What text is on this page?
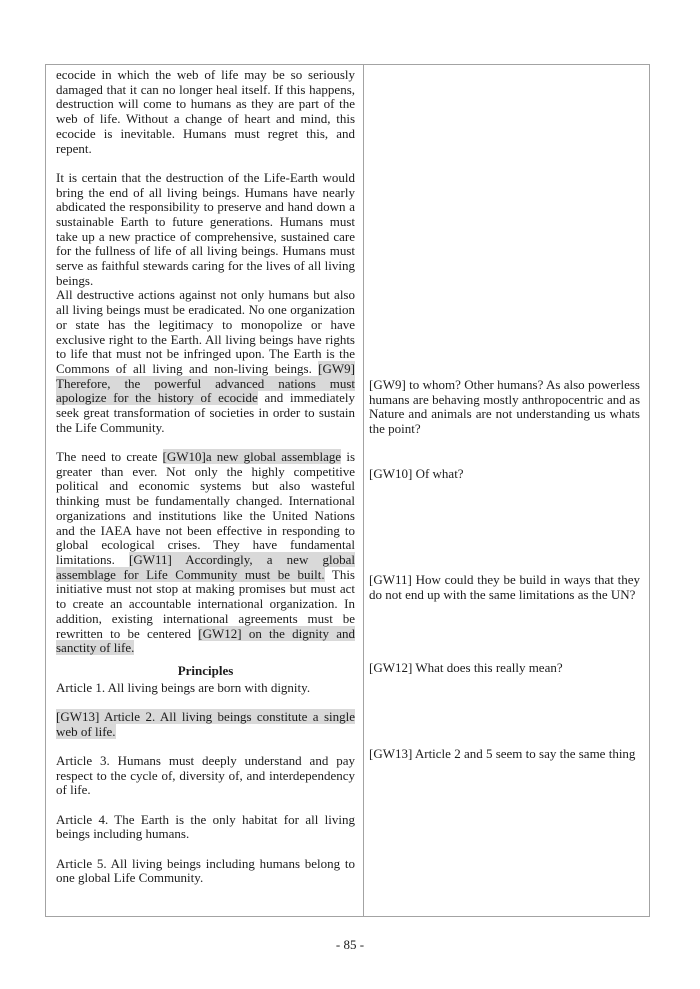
ecocide in which the web of life may be so seriously damaged that it can no longer heal itself. If this happens, destruction will come to humans as they are part of the web of life. Without a change of heart and mind, this ecocide is inevitable. Humans must regret this, and repent.

It is certain that the destruction of the Life-Earth would bring the end of all living beings. Humans have nearly abdicated the responsibility to preserve and hand down a sustainable Earth to future generations. Humans must take up a new practice of comprehensive, sustained care for the fullness of life of all living beings. Humans must serve as faithful stewards caring for the lives of all living beings.

All destructive actions against not only humans but also all living beings must be eradicated. No one organization or state has the legitimacy to monopolize or have exclusive right to the Earth. All living beings have rights to life that must not be infringed upon. The Earth is the Commons of all living and non-living beings. [GW9] Therefore, the powerful advanced nations must apologize for the history of ecocide and immediately seek great transformation of societies in order to sustain the Life Community.

The need to create [GW10]a new global assemblage is greater than ever. Not only the highly competitive political and economic systems but also wasteful thinking must be fundamentally changed. International organizations and institutions like the United Nations and the IAEA have not been effective in responding to global ecological crises. They have fundamental limitations. [GW11] Accordingly, a new global assemblage for Life Community must be built. This initiative must not stop at making promises but must act to create an accountable international organization. In addition, existing international agreements must be rewritten to be centered [GW12] on the dignity and sanctity of life.

Principles

Article 1. All living beings are born with dignity.

[GW13] Article 2. All living beings constitute a single web of life.

Article 3. Humans must deeply understand and pay respect to the cycle of, diversity of, and interdependency of life.

Article 4. The Earth is the only habitat for all living beings including humans.

Article 5. All living beings including humans belong to one global Life Community.

[GW9] to whom? Other humans? As also powerless humans are behaving mostly anthropocentric and as Nature and animals are not understanding us whats the point?

[GW10] Of what?

[GW11] How could they be build in ways that they do not end up with the same limitations as the UN?

[GW12] What does this really mean?

[GW13] Article 2 and 5 seem to say the same thing

- 85 -
